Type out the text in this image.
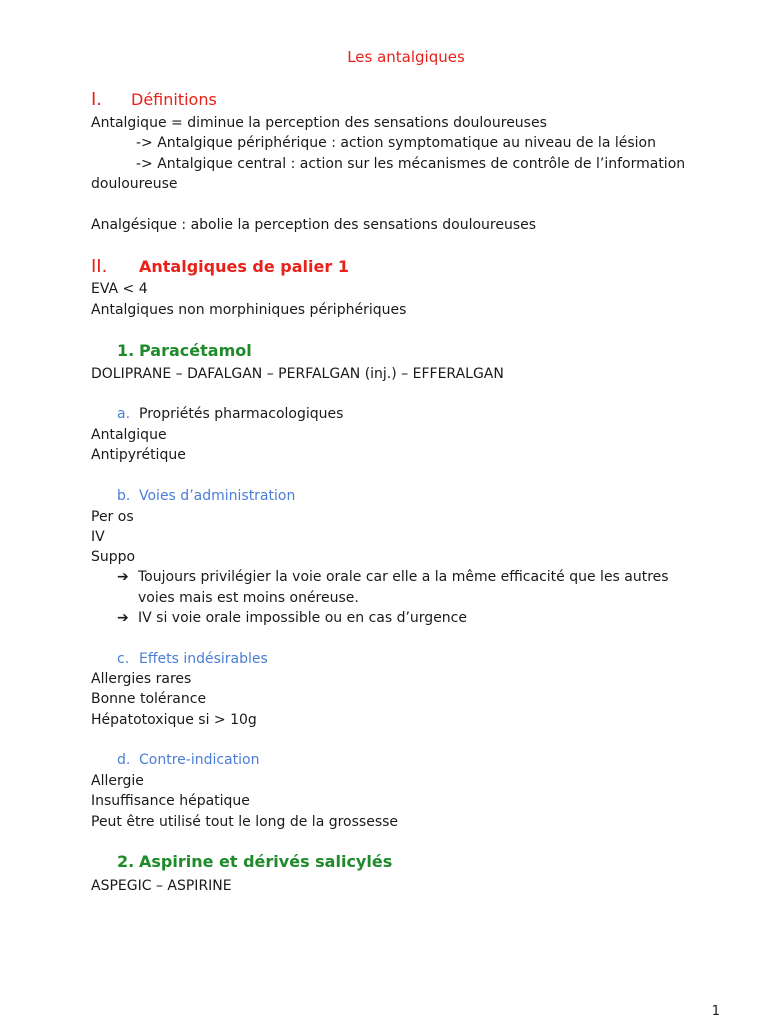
Les antalgiques
I. Définitions
Antalgique = diminue la perception des sensations douloureuses
-> Antalgique périphérique : action symptomatique au niveau de la lésion
-> Antalgique central : action sur les mécanismes de contrôle de l’information
douloureuse
Analgésique : abolie la perception des sensations douloureuses
II. Antalgiques de palier 1
EVA < 4
Antalgiques non morphiniques périphériques
1. Paracétamol
DOLIPRANE – DAFALGAN – PERFALGAN (inj.) – EFFERALGAN
a. Propriétés pharmacologiques
Antalgique
Antipyrétique
b. Voies d’administration
Per os
IV
Suppo
➔ Toujours privilégier la voie orale car elle a la même efficacité que les autres
voies mais est moins onéreuse.
➔ IV si voie orale impossible ou en cas d’urgence
c. Effets indésirables
Allergies rares
Bonne tolérance
Hépatotoxique si > 10g
d. Contre-indication
Allergie
Insuffisance hépatique
Peut être utilisé tout le long de la grossesse
2. Aspirine et dérivés salicylés
ASPEGIC – ASPIRINE
1
